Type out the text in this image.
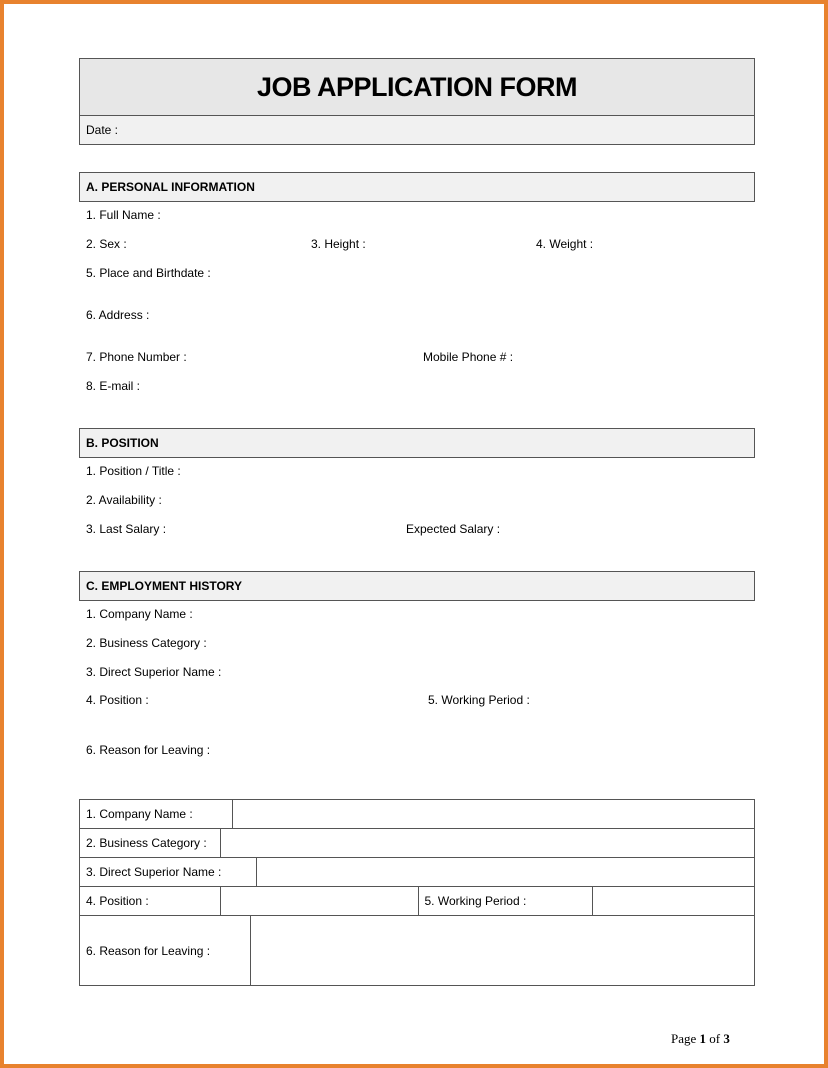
JOB APPLICATION FORM
Date :
A. PERSONAL INFORMATION
1. Full Name :
2. Sex :	3. Height :	4. Weight :
5. Place and Birthdate :
6. Address :
7. Phone Number :	Mobile Phone # :
8. E-mail :
B. POSITION
1. Position / Title :
2. Availability :
3. Last Salary :	Expected Salary :
C. EMPLOYMENT HISTORY
1. Company Name :
2. Business Category :
3. Direct Superior Name :
4. Position :	5. Working Period :
6. Reason for Leaving :
1. Company Name :	

2. Business Category :	

3. Direct Superior Name :	

4. Position :		5. Working Period :	

6. Reason for Leaving :	
Page 1 of 3
